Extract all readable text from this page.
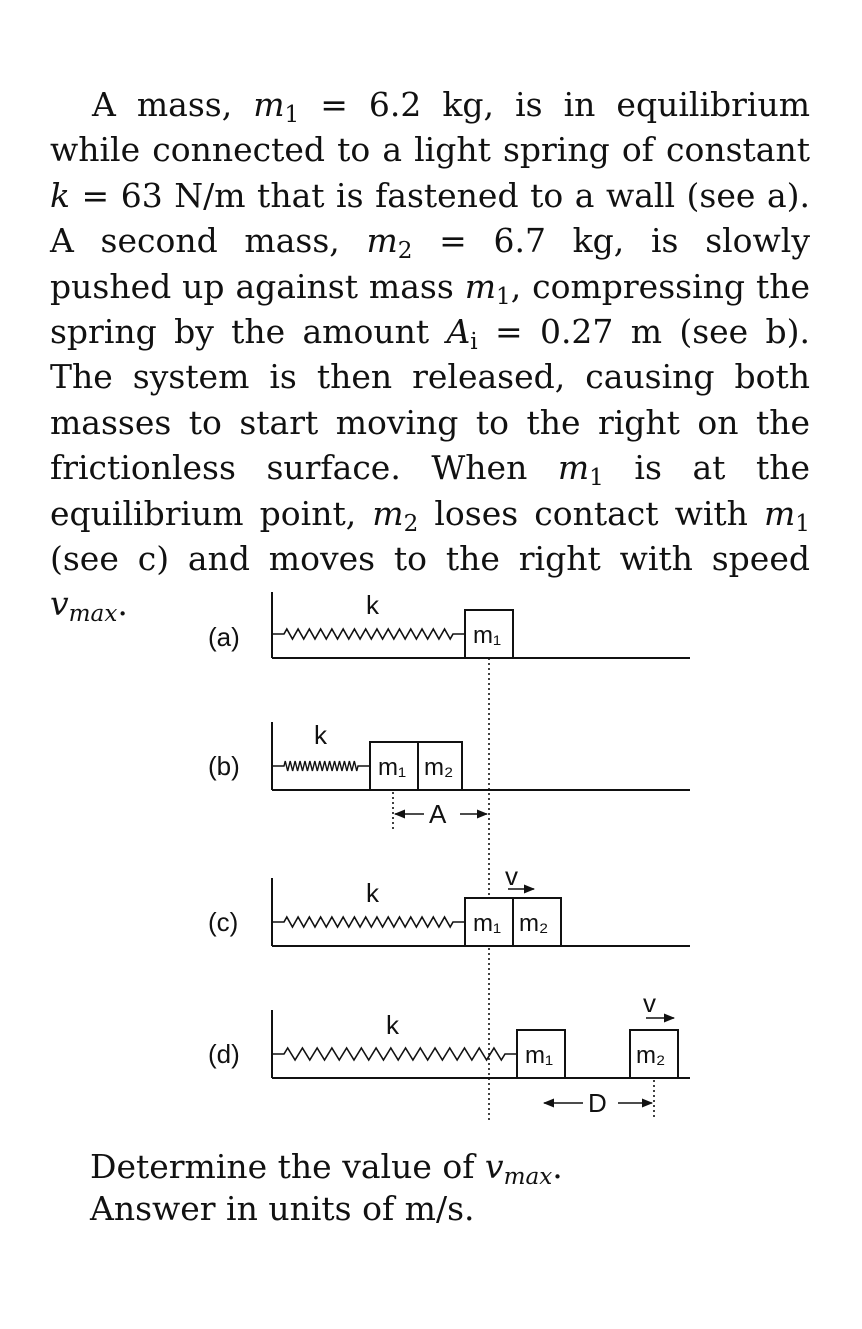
A mass, $m_1 = 6.2$ kg, is in equilibrium while connected to a light spring of constant k = 63 N/m that is fastened to a wall (see a). A second mass, $m_2 = 6.7$ kg, is slowly pushed up against mass $m_1$, compressing the spring by the amount $A_i = 0.27$ m (see b). The system is then released, causing both masses to start moving to the right on the frictionless surface. When $m_1$ is at the equilibrium point, $m_2$ loses contact with $m_1$ (see c) and moves to the right with speed $v_{max}$.

(a)
k
m₁
(b)
k
m₁ m₂
A
(c)
k
m₁ m₂
v
(d)
k
m₁	m₂
v
D

Determine the value of $v_{max}$.
Answer in units of m/s.
